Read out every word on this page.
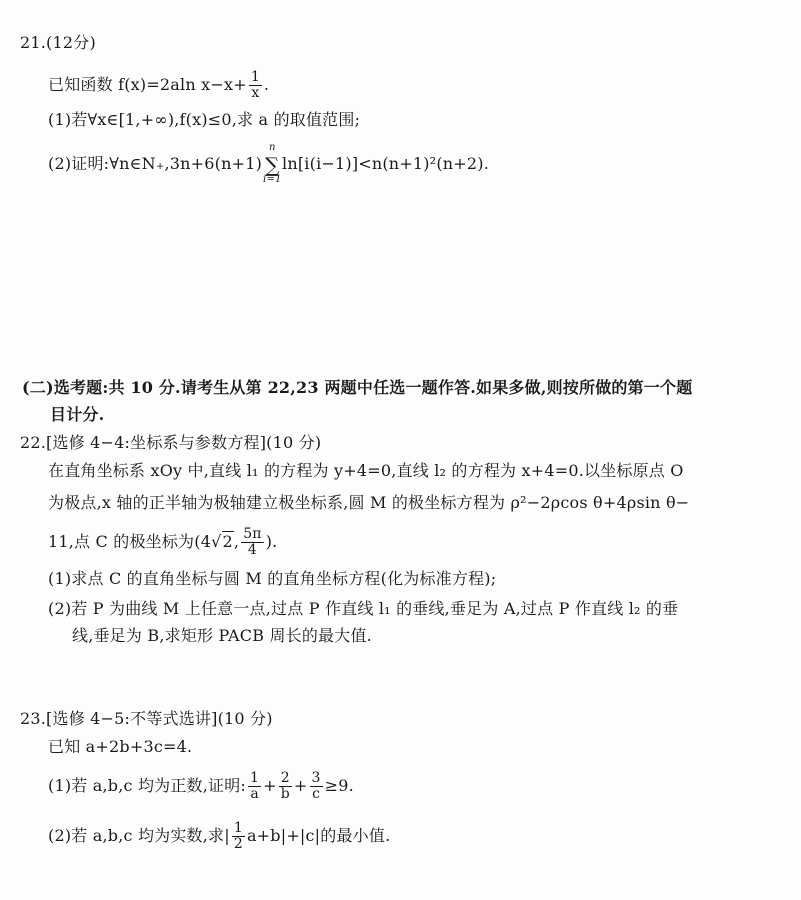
21.(12分)
已知函数 f(x)=2aln $x-x+ \frac{1}{x}$ .
(1)若∀x∈[1,+∞),f(x)≤0,求 a 的取值范围;
(2)证明:∀n∈N₊,3n+6(n+1)
n
∑
i=1
ln[i(i−1)]<n(n+1)²(n+2).
(二)选考题:共 10 分.请考生从第 22,23 两题中任选一题作答.如果多做,则按所做的第一个题
目计分.
22.[选修 4−4:坐标系与参数方程](10 分)
在直角坐标系 xOy 中,直线 l₁ 的方程为 y+4=0,直线 l₂ 的方程为 x+4=0.以坐标原点 O
为极点,x 轴的正半轴为极轴建立极坐标系,圆 M 的极坐标方程为 ρ²−2ρcos θ+4ρsin θ−
11,点 C 的极坐标为(4√2, $\frac{5\pi}{4}$ ).
(1)求点 C 的直角坐标与圆 M 的直角坐标方程(化为标准方程);
(2)若 P 为曲线 M 上任意一点,过点 P 作直线 l₁ 的垂线,垂足为 A,过点 P 作直线 l₂ 的垂
线,垂足为 B,求矩形 PACB 周长的最大值.
23.[选修 4−5:不等式选讲](10 分)
已知 a+2b+3c=4.
(1)若 a,b,c 均为正数,证明: $\frac{1}{a} + \frac{2}{b} + \frac{3}{c} \ge 9$.
(2)若 a,b,c 均为实数,求| $\frac{1}{2} a+b|+|c|$的最小值.
